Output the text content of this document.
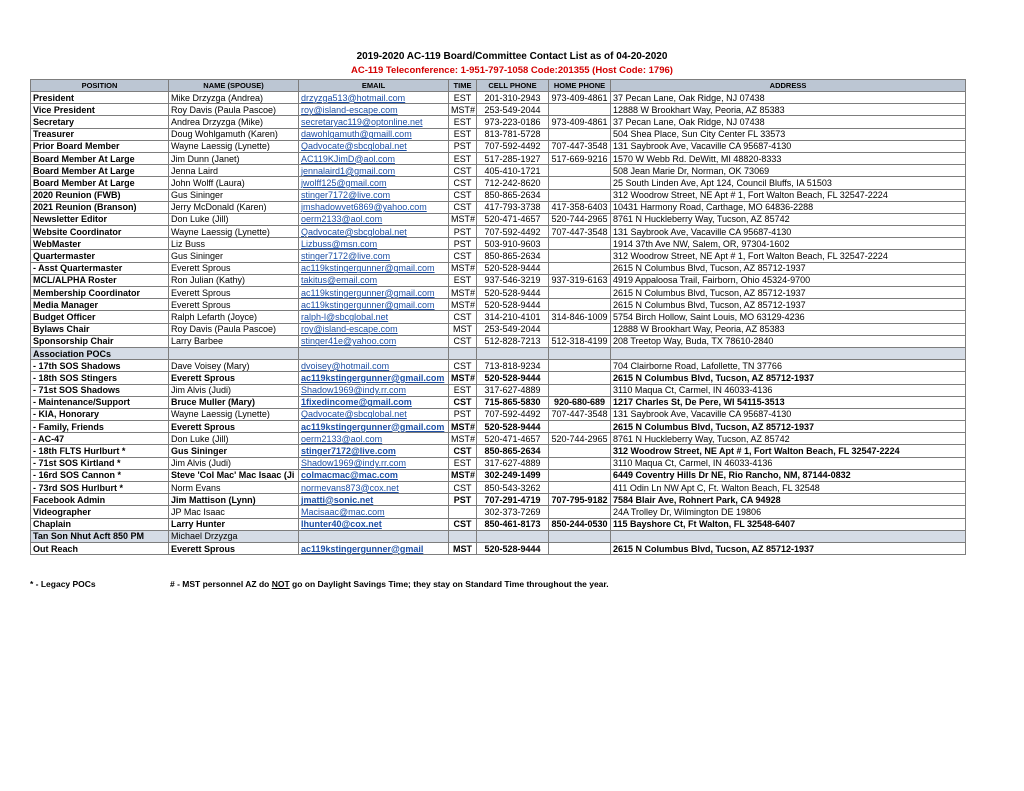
2019-2020 AC-119 Board/Committee Contact List as of 04-20-2020
AC-119 Teleconference: 1-951-797-1058 Code:201355 (Host Code: 1796)
POSITION	NAME (SPOUSE)	EMAIL	TIME	CELL PHONE	HOME PHONE	ADDRESS
President	Mike Drzyzga (Andrea)	drzyzga513@hotmail.com	EST	201-310-2943	973-409-4861	37 Pecan Lane, Oak Ridge, NJ 07438
Vice President	Roy Davis (Paula Pascoe)	roy@island-escape.com	MST#	253-549-2044		12888 W Brookhart Way, Peoria, AZ 85383
Secretary	Andrea Drzyzga (Mike)	secretaryac119@optonline.net	EST	973-223-0186	973-409-4861	37 Pecan Lane, Oak Ridge, NJ 07438
Treasurer	Doug Wohlgamuth (Karen)	dawohlgamuth@gmaill.com	EST	813-781-5728		504 Shea Place, Sun City Center FL 33573
Prior Board Member	Wayne Laessig (Lynette)	Qadvocate@sbcglobal.net	PST	707-592-4492	707-447-3548	131 Saybrook Ave, Vacaville CA 95687-4130
Board Member At Large	Jim Dunn (Janet)	AC119KJimD@aol.com	EST	517-285-1927	517-669-9216	1570 W Webb Rd. DeWitt, MI 48820-8333
Board Member At Large	Jenna Laird	jennalaird1@gmail.com	CST	405-410-1721		508 Jean Marie Dr, Norman, OK 73069
Board Member At Large	John Wolff (Laura)	jwolff125@gmail.com	CST	712-242-8620		25 South Linden Ave, Apt 124, Council Bluffs, IA 51503
2020 Reunion (FWB)	Gus Sininger	stinger7172@live.com	CST	850-865-2634		312 Woodrow Street, NE Apt # 1, Fort Walton Beach, FL 32547-2224
2021 Reunion (Branson)	Jerry McDonald (Karen)	jmshadowvet6869@yahoo.com	CST	417-793-3738	417-358-6403	10431 Harmony Road, Carthage, MO 64836-2288
Newsletter Editor	Don Luke (Jill)	oerm2133@aol.com	MST#	520-471-4657	520-744-2965	8761 N Huckleberry Way, Tucson, AZ 85742
Website Coordinator	Wayne Laessig (Lynette)	Qadvocate@sbcglobal.net	PST	707-592-4492	707-447-3548	131 Saybrook Ave, Vacaville CA 95687-4130
WebMaster	Liz Buss	Lizbuss@msn.com	PST	503-910-9603		1914 37th Ave NW, Salem, OR, 97304-1602
Quartermaster	Gus Sininger	stinger7172@live.com	CST	850-865-2634		312 Woodrow Street, NE Apt # 1, Fort Walton Beach, FL 32547-2224
- Asst Quartermaster	Everett Sprous	ac119kstingergunner@gmail.com	MST#	520-528-9444		2615 N Columbus Blvd, Tucson, AZ 85712-1937
MCL/ALPHA Roster	Ron Julian (Kathy)	takitus@email.com	EST	937-546-3219	937-319-6163	4919 Appaloosa Trail, Fairborn, Ohio 45324-9700
Membership Coordinator	Everett Sprous	ac119kstingergunner@gmail.com	MST#	520-528-9444		2615 N Columbus Blvd, Tucson, AZ 85712-1937
Media Manager	Everett Sprous	ac119kstingergunner@gmail.com	MST#	520-528-9444		2615 N Columbus Blvd, Tucson, AZ 85712-1937
Budget Officer	Ralph Lefarth (Joyce)	ralph-l@sbcglobal.net	CST	314-210-4101	314-846-1009	5754 Birch Hollow, Saint Louis, MO 63129-4236
Bylaws Chair	Roy Davis (Paula Pascoe)	roy@island-escape.com	MST	253-549-2044		12888 W Brookhart Way, Peoria, AZ 85383
Sponsorship Chair	Larry Barbee	stinger41e@yahoo.com	CST	512-828-7213	512-318-4199	208 Treetop Way, Buda, TX 78610-2840
Association POCs						
- 17th SOS Shadows	Dave Voisey (Mary)	dvoisey@hotmail.com	CST	713-818-9234		704 Clairborne Road, Lafollette, TN 37766
- 18th SOS Stingers	Everett Sprous	ac119kstingergunner@gmail.com	MST#	520-528-9444		2615 N Columbus Blvd, Tucson, AZ 85712-1937
- 71st SOS Shadows	Jim Alvis (Judi)	Shadow1969@indy.rr.com	EST	317-627-4889		3110 Maqua Ct, Carmel, IN 46033-4136
- Maintenance/Support	Bruce Muller (Mary)	1fixedincome@gmail.com	CST	715-865-5830	920-680-689	1217 Charles St, De Pere, WI 54115-3513
- KIA, Honorary	Wayne Laessig (Lynette)	Qadvocate@sbcglobal.net	PST	707-592-4492	707-447-3548	131 Saybrook Ave, Vacaville CA 95687-4130
- Family, Friends	Everett Sprous	ac119kstingergunner@gmail.com	MST#	520-528-9444		2615 N Columbus Blvd, Tucson, AZ 85712-1937
- AC-47	Don Luke (Jill)	oerm2133@aol.com	MST#	520-471-4657	520-744-2965	8761 N Huckleberry Way, Tucson, AZ 85742
- 18th FLTS Hurlburt *	Gus Sininger	stinger7172@live.com	CST	850-865-2634		312 Woodrow Street, NE Apt # 1, Fort Walton Beach, FL 32547-2224
- 71st SOS Kirtland *	Jim Alvis (Judi)	Shadow1969@indy.rr.com	EST	317-627-4889		3110 Maqua Ct, Carmel, IN 46033-4136
- 16rd SOS Cannon *	Steve 'Col Mac' Mac Isaac (Ji	colmacmac@mac.com	MST#	302-249-1499		6449 Coventry Hills Dr NE, Rio Rancho, NM, 87144-0832
- 73rd SOS Hurlburt *	Norm Evans	normevans873@cox.net	CST	850-543-3262		411 Odin Ln NW Apt C, Ft. Walton Beach, FL 32548
Facebook Admin	Jim Mattison (Lynn)	jmatti@sonic.net	PST	707-291-4719	707-795-9182	7584 Blair Ave, Rohnert Park, CA 94928
Videographer	JP Mac Isaac	Macisaac@mac.com		302-373-7269		24A Trolley Dr, Wilmington DE 19806
Chaplain	Larry Hunter	lhunter40@cox.net	CST	850-461-8173	850-244-0530	115 Bayshore Ct, Ft Walton, FL 32548-6407
Tan Son Nhut Acft 850 PM	Michael Drzyzga					
Out Reach	Everett Sprous	ac119kstingergunner@gmail	MST	520-528-9444		2615 N Columbus Blvd, Tucson, AZ 85712-1937
* - Legacy POCs	# - MST personnel AZ do NOT go on Daylight Savings Time; they stay on Standard Time throughout the year.
